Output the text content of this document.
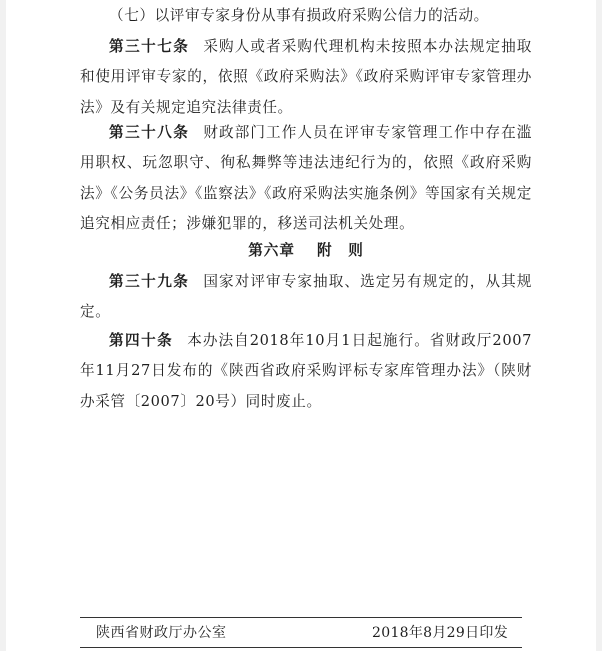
（七）以评审专家身份从事有损政府采购公信力的活动。

第三十七条 采购人或者采购代理机构未按照本办法规定抽取和使用评审专家的，依照《政府采购法》《政府采购评审专家管理办法》及有关规定追究法律责任。

第三十八条 财政部门工作人员在评审专家管理工作中存在滥用职权、玩忽职守、徇私舞弊等违法违纪行为的，依照《政府采购法》《公务员法》《监察法》《政府采购法实施条例》等国家有关规定追究相应责任；涉嫌犯罪的，移送司法机关处理。

第六章 附　则

第三十九条 国家对评审专家抽取、选定另有规定的，从其规定。

第四十条 本办法自2018年10月1日起施行。省财政厅2007年11月27日发布的《陕西省政府采购评标专家库管理办法》（陕财办采管〔2007〕20号）同时废止。

陕西省财政厅办公室	2018年8月29日印发
